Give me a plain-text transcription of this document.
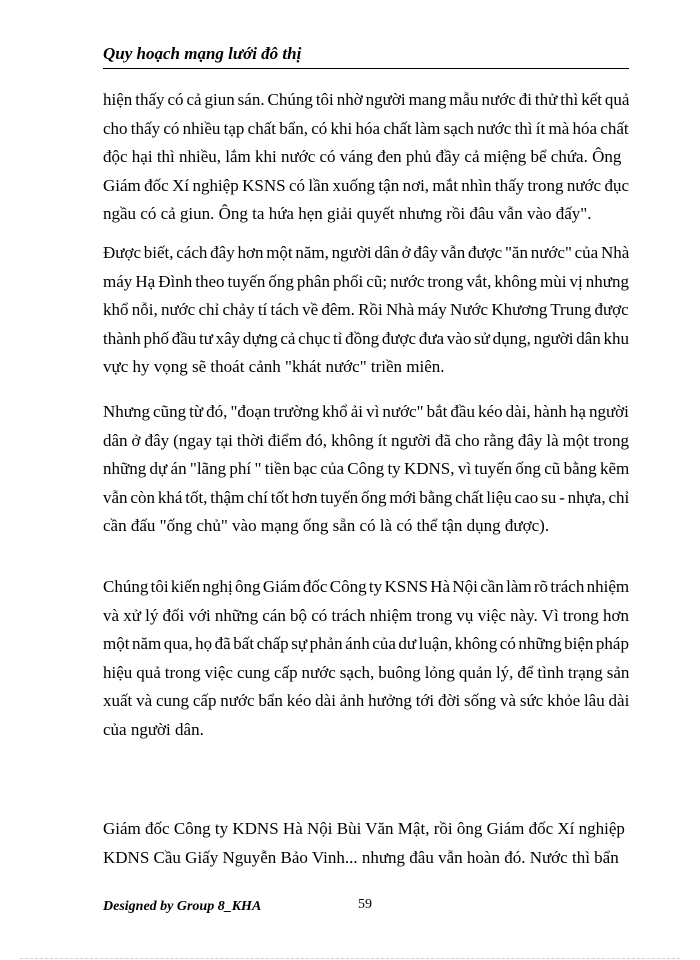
Quy hoạch mạng lưới đô thị
hiện thấy có cả giun sán. Chúng tôi nhờ người mang mẫu nước đi thử thì kết quả
cho thấy có nhiều tạp chất bẩn, có khi hóa chất làm sạch nước thì ít mà hóa chất
độc hại thì nhiều, lắm khi nước có váng đen phủ đầy cả miệng bể chứa. Ông
Giám đốc Xí nghiệp KSNS có lần xuống tận nơi, mắt nhìn thấy trong nước đục
ngầu có cả giun. Ông ta hứa hẹn giải quyết nhưng rồi đâu vẫn vào đấy".
Được biết, cách đây hơn một năm, người dân ở đây vẫn được "ăn nước" của Nhà
máy Hạ Đình theo tuyến ống phân phối cũ; nước trong vắt, không mùi vị nhưng
khổ nỗi, nước chỉ chảy tí tách về đêm. Rồi Nhà máy Nước Khương Trung được
thành phố đầu tư xây dựng cả chục tỉ đồng được đưa vào sử dụng, người dân khu
vực hy vọng sẽ thoát cảnh "khát nước" triền miên.
Nhưng cũng từ đó, "đoạn trường khổ ải vì nước" bắt đầu kéo dài, hành hạ người
dân ở đây (ngay tại thời điểm đó, không ít người đã cho rằng đây là một trong
những dự án "lãng phí " tiền bạc của Công ty KDNS, vì tuyến ống cũ bằng kẽm
vẫn còn khá tốt, thậm chí tốt hơn tuyến ống mới bằng chất liệu cao su - nhựa, chỉ
cần đấu "ống chủ" vào mạng ống sẵn có là có thể tận dụng được).
Chúng tôi kiến nghị ông Giám đốc Công ty KSNS Hà Nội cần làm rõ trách nhiệm
và xử lý đối với những cán bộ có trách nhiệm trong vụ việc này. Vì trong hơn
một năm qua, họ đã bất chấp sự phản ánh của dư luận, không có những biện pháp
hiệu quả trong việc cung cấp nước sạch, buông lỏng quản lý, để tình trạng sản
xuất và cung cấp nước bẩn kéo dài ảnh hưởng tới đời sống và sức khỏe lâu dài
của người dân.
Giám đốc Công ty KDNS Hà Nội Bùi Văn Mật, rồi ông Giám đốc Xí nghiệp
KDNS Cầu Giấy Nguyễn Bảo Vinh... nhưng đâu vẫn hoàn đó. Nước thì bẩn
Designed by Group 8_KHA	59
